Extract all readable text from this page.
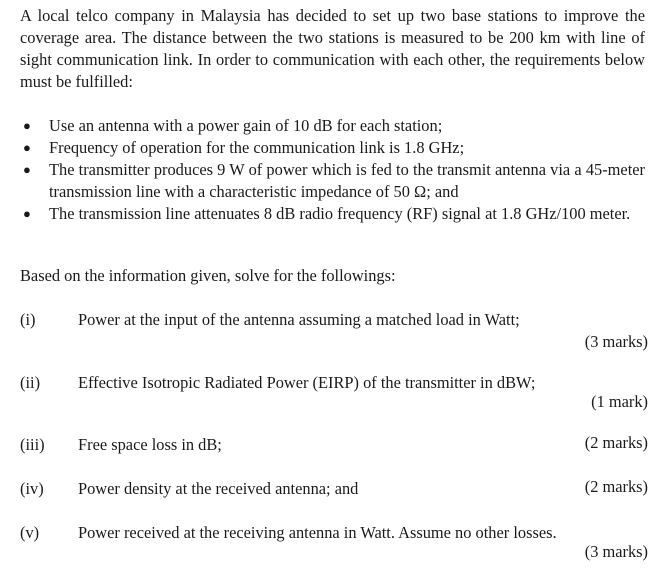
A local telco company in Malaysia has decided to set up two base stations to improve the coverage area. The distance between the two stations is measured to be 200 km with line of sight communication link. In order to communication with each other, the requirements below must be fulfilled:

● Use an antenna with a power gain of 10 dB for each station;
● Frequency of operation for the communication link is 1.8 GHz;
● The transmitter produces 9 W of power which is fed to the transmit antenna via a 45-meter transmission line with a characteristic impedance of 50 Ω; and
● The transmission line attenuates 8 dB radio frequency (RF) signal at 1.8 GHz/100 meter.

Based on the information given, solve for the followings:

(i)	Power at the input of the antenna assuming a matched load in Watt;
(3 marks)
(ii) Effective Isotropic Radiated Power (EIRP) of the transmitter in dBW;
(1 mark)
(iii) Free space loss in dB;	(2 marks)
(iv) Power density at the received antenna; and	(2 marks)
(v) Power received at the receiving antenna in Watt. Assume no other losses.
(3 marks)
